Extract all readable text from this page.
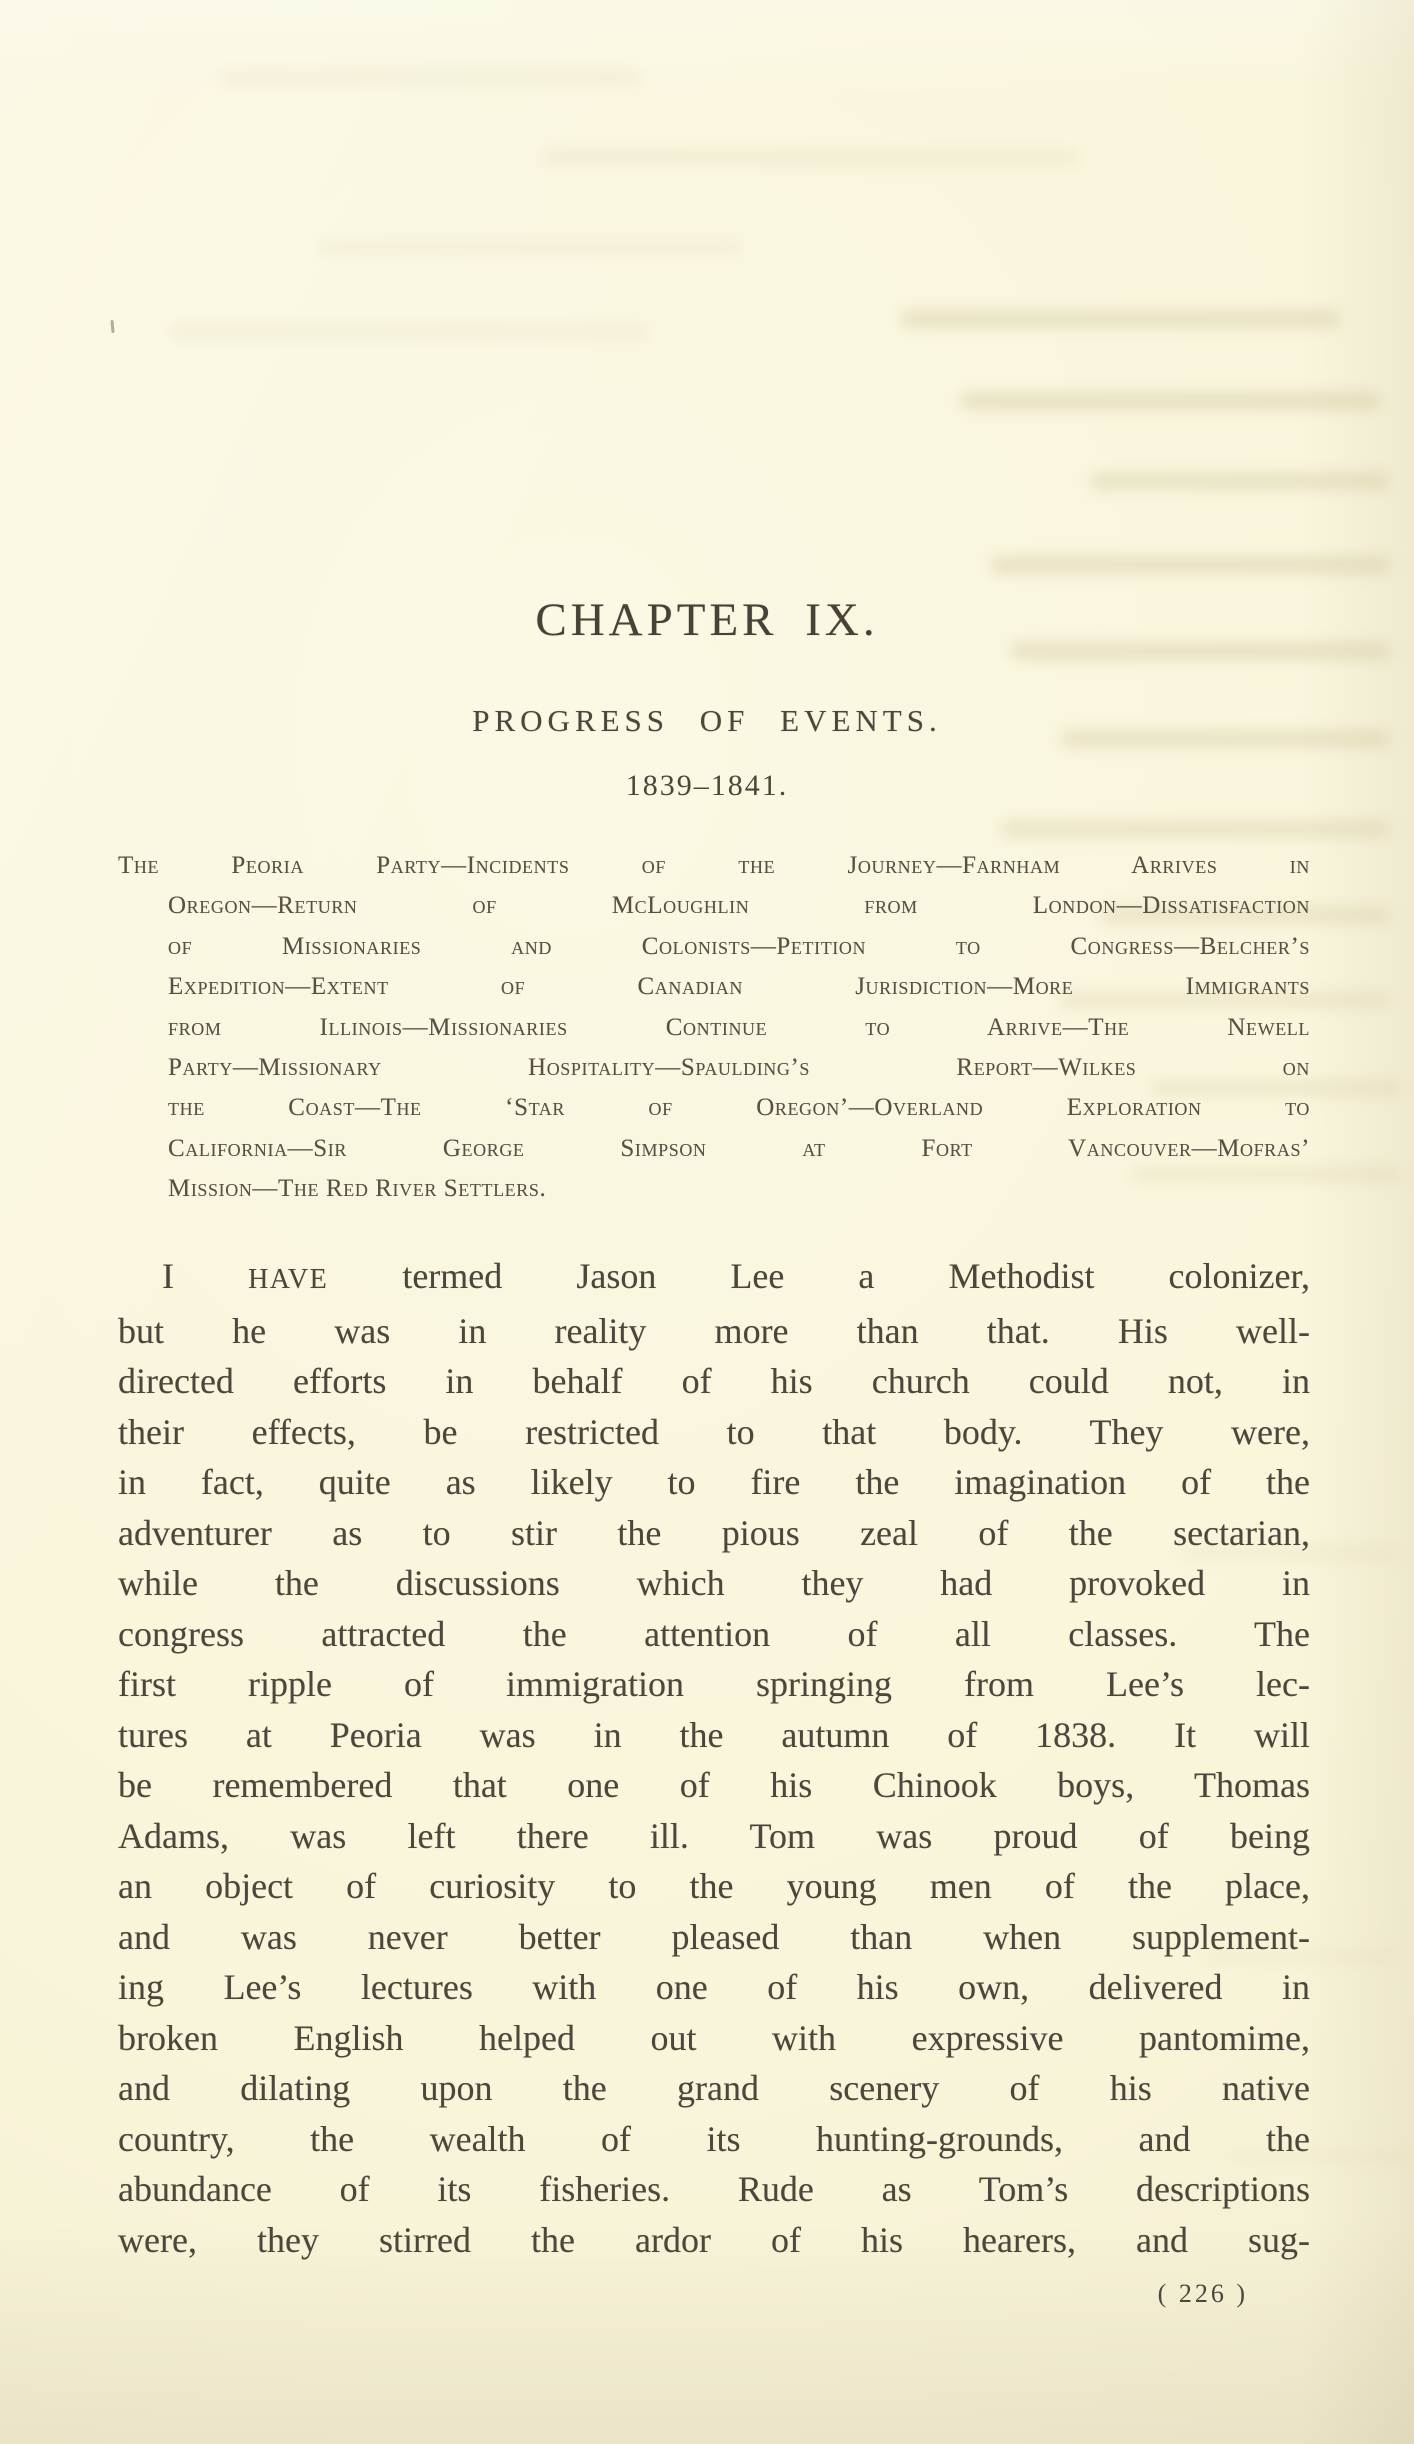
CHAPTER IX.
PROGRESS OF EVENTS.
1839–1841.
The Peoria Party—Incidents of the Journey—Farnham Arrives in
Oregon—Return of McLoughlin from London—Dissatisfaction
of Missionaries and Colonists—Petition to Congress—Belcher’s
Expedition—Extent of Canadian Jurisdiction—More Immigrants
from Illinois—Missionaries Continue to Arrive—The Newell
Party—Missionary Hospitality—Spaulding’s Report—Wilkes on
the Coast—The ‘Star of Oregon’—Overland Exploration to
California—Sir George Simpson at Fort Vancouver—Mofras’
Mission—The Red River Settlers.
I	HAVE termed Jason Lee a Methodist colonizer,
but he was in reality more than that. His well-
directed efforts in behalf of his church could not, in
their effects, be restricted to that body. They were,
in fact, quite as likely to fire the imagination of the
adventurer as to stir the pious zeal of the sectarian,
while the discussions which they had provoked in
congress attracted the attention of all classes. The
first ripple of immigration springing from Lee’s lec-
tures at Peoria was in the autumn of 1838. It will
be remembered that one of his Chinook boys, Thomas
Adams, was left there ill. Tom was proud of being
an object of curiosity to the young men of the place,
and was never better pleased than when supplement-
ing Lee’s lectures with one of his own, delivered in
broken English helped out with expressive pantomime,
and dilating upon the grand scenery of his native
country, the wealth of its hunting-grounds, and the
abundance of its fisheries. Rude as Tom’s descriptions
were, they stirred the ardor of his hearers, and sug-
( 226 )
